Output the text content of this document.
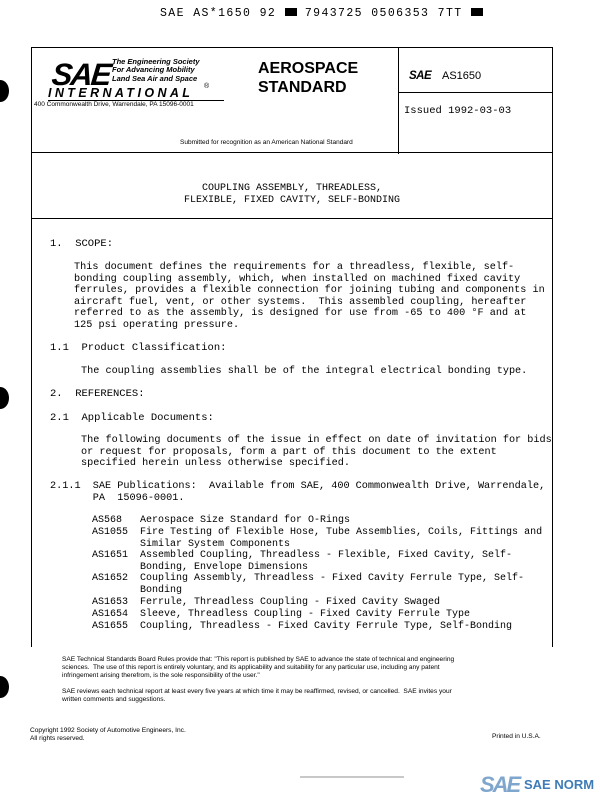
SAE AS*1650 92 7943725 0506353 7TT
SAE The Engineering Society
For Advancing Mobility
Land Sea Air and Space
®
INTERNATIONAL
400 Commonwealth Drive, Warrendale, PA 15096-0001
AEROSPACE
STANDARD
Submitted for recognition as an American National Standard
SAE AS1650
Issued 1992-03-03
COUPLING ASSEMBLY, THREADLESS,
FLEXIBLE, FIXED CAVITY, SELF-BONDING
1.  SCOPE:
This document defines the requirements for a threadless, flexible, self-
bonding coupling assembly, which, when installed on machined fixed cavity
ferrules, provides a flexible connection for joining tubing and components in
aircraft fuel, vent, or other systems.  This assembled coupling, hereafter
referred to as the assembly, is designed for use from -65 to 400 °F and at
125 psi operating pressure.
1.1  Product Classification:
The coupling assemblies shall be of the integral electrical bonding type.
2.  REFERENCES:
2.1  Applicable Documents:
The following documents of the issue in effect on date of invitation for bids
or request for proposals, form a part of this document to the extent
specified herein unless otherwise specified.
2.1.1  SAE Publications:  Available from SAE, 400 Commonwealth Drive, Warrendale,
PA  15096-0001.
AS568 Aerospace Size Standard for O-Rings
AS1055 Fire Testing of Flexible Hose, Tube Assemblies, Coils, Fittings and
Similar System Components
AS1651 Assembled Coupling, Threadless - Flexible, Fixed Cavity, Self-
Bonding, Envelope Dimensions
AS1652 Coupling Assembly, Threadless - Fixed Cavity Ferrule Type, Self-
Bonding
AS1653 Ferrule, Threadless Coupling - Fixed Cavity Swaged
AS1654 Sleeve, Threadless Coupling - Fixed Cavity Ferrule Type
AS1655 Coupling, Threadless - Fixed Cavity Ferrule Type, Self-Bonding
SAE Technical Standards Board Rules provide that: "This report is published by SAE to advance the state of technical and engineering
sciences.  The use of this report is entirely voluntary, and its applicability and suitability for any particular use, including any patent
infringement arising therefrom, is the sole responsibility of the user."
SAE reviews each technical report at least every five years at which time it may be reaffirmed, revised, or cancelled.  SAE invites your
written comments and suggestions.
Copyright 1992 Society of Automotive Engineers, Inc.
All rights reserved.	Printed in U.S.A.
SAE SAE NORM
